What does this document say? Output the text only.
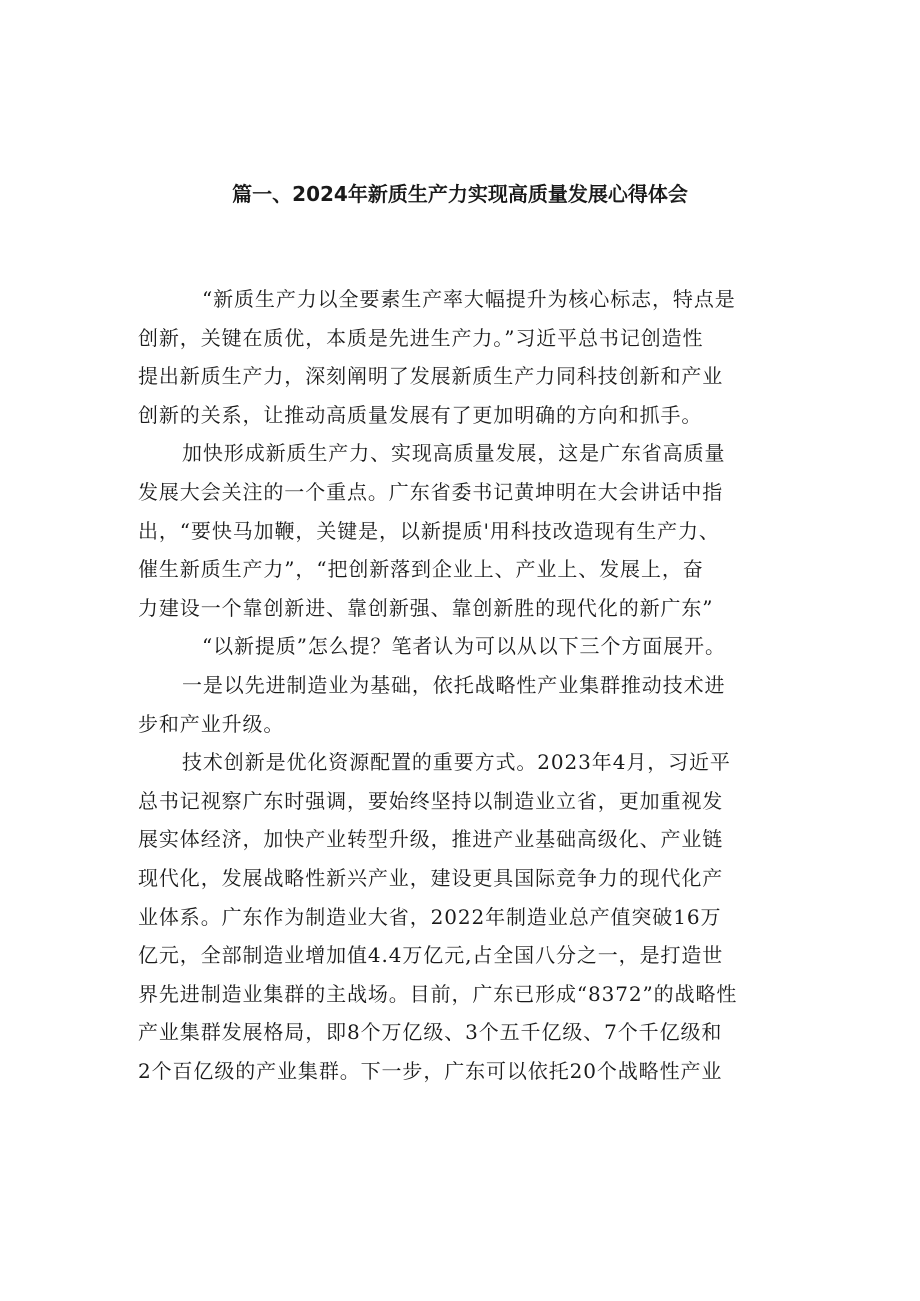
篇一、2024年新质生产力实现高质量发展心得体会
“新质生产力以全要素生产率大幅提升为核心标志，特点是
创新，关键在质优，本质是先进生产力。”习近平总书记创造性
提出新质生产力，深刻阐明了发展新质生产力同科技创新和产业
创新的关系，让推动高质量发展有了更加明确的方向和抓手。
加快形成新质生产力、实现高质量发展，这是广东省高质量
发展大会关注的一个重点。广东省委书记黄坤明在大会讲话中指
出，“要快马加鞭，关键是，以新提质'用科技改造现有生产力、
催生新质生产力”，“把创新落到企业上、产业上、发展上，奋
力建设一个靠创新进、靠创新强、靠创新胜的现代化的新广东”
“以新提质”怎么提？笔者认为可以从以下三个方面展开。
一是以先进制造业为基础，依托战略性产业集群推动技术进
步和产业升级。
技术创新是优化资源配置的重要方式。2023年4月，习近平
总书记视察广东时强调，要始终坚持以制造业立省，更加重视发
展实体经济，加快产业转型升级，推进产业基础高级化、产业链
现代化，发展战略性新兴产业，建设更具国际竞争力的现代化产
业体系。广东作为制造业大省，2022年制造业总产值突破16万
亿元，全部制造业增加值4.4万亿元,占全国八分之一，是打造世
界先进制造业集群的主战场。目前，广东已形成“8372”的战略性
产业集群发展格局，即8个万亿级、3个五千亿级、7个千亿级和
2个百亿级的产业集群。下一步，广东可以依托20个战略性产业
